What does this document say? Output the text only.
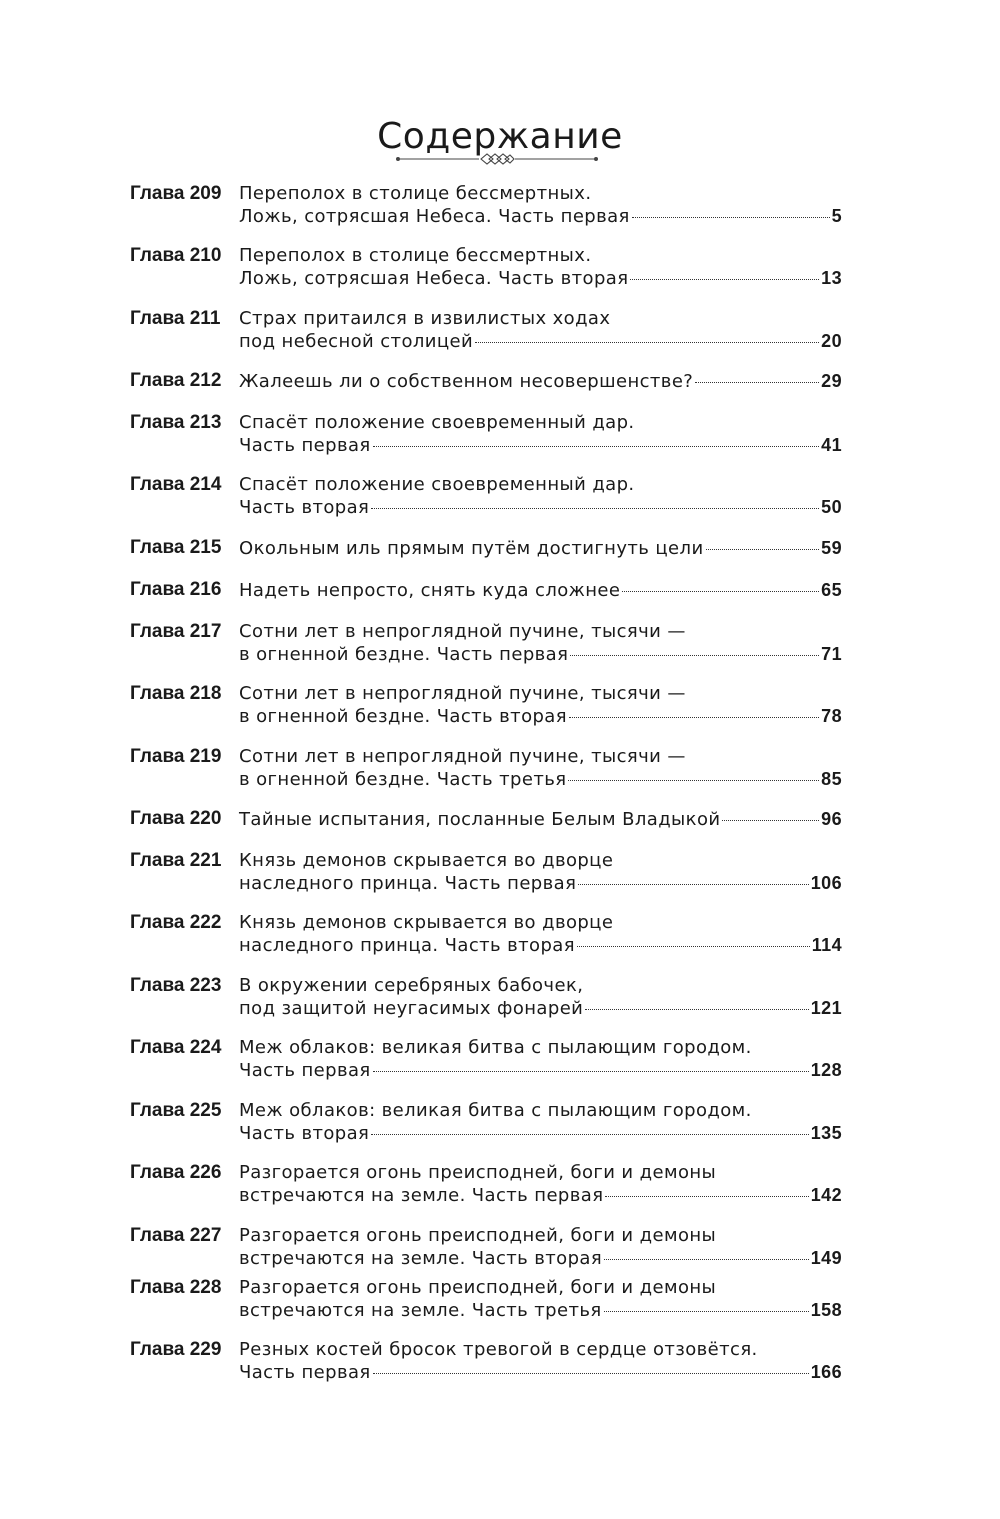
Содержание
Глава 209 Переполох в столице бессмертных.
Ложь, сотрясшая Небеса. Часть первая	5
Глава 210 Переполох в столице бессмертных.
Ложь, сотрясшая Небеса. Часть вторая	13
Глава 211	Страх притаился в извилистых ходах
под небесной столицей	20
Глава 212 Жалеешь ли о собственном несовершенстве?	29
Глава 213 Спасёт положение своевременный дар.
Часть первая	41
Глава 214 Спасёт положение своевременный дар.
Часть вторая	50
Глава 215 Окольным иль прямым путём достигнуть цели	59
Глава 216 Надеть непросто, снять куда сложнее	65
Глава 217 Сотни лет в непроглядной пучине, тысячи —
в огненной бездне. Часть первая	71
Глава 218 Сотни лет в непроглядной пучине, тысячи —
в огненной бездне. Часть вторая	78
Глава 219 Сотни лет в непроглядной пучине, тысячи —
в огненной бездне. Часть третья	85
Глава 220 Тайные испытания, посланные Белым Владыкой	96
Глава 221 Князь демонов скрывается во дворце
наследного принца. Часть первая	106
Глава 222 Князь демонов скрывается во дворце
наследного принца. Часть вторая	114
Глава 223 В окружении серебряных бабочек,
под защитой неугасимых фонарей	121
Глава 224 Меж облаков: великая битва с пылающим городом.
Часть первая	128
Глава 225 Меж облаков: великая битва с пылающим городом.
Часть вторая	135
Глава 226 Разгорается огонь преисподней, боги и демоны
встречаются на земле. Часть первая	142
Глава 227 Разгорается огонь преисподней, боги и демоны
встречаются на земле. Часть вторая	149
Глава 228 Разгорается огонь преисподней, боги и демоны
встречаются на земле. Часть третья	158
Глава 229 Резных костей бросок тревогой в сердце отзовётся.
Часть первая	166
